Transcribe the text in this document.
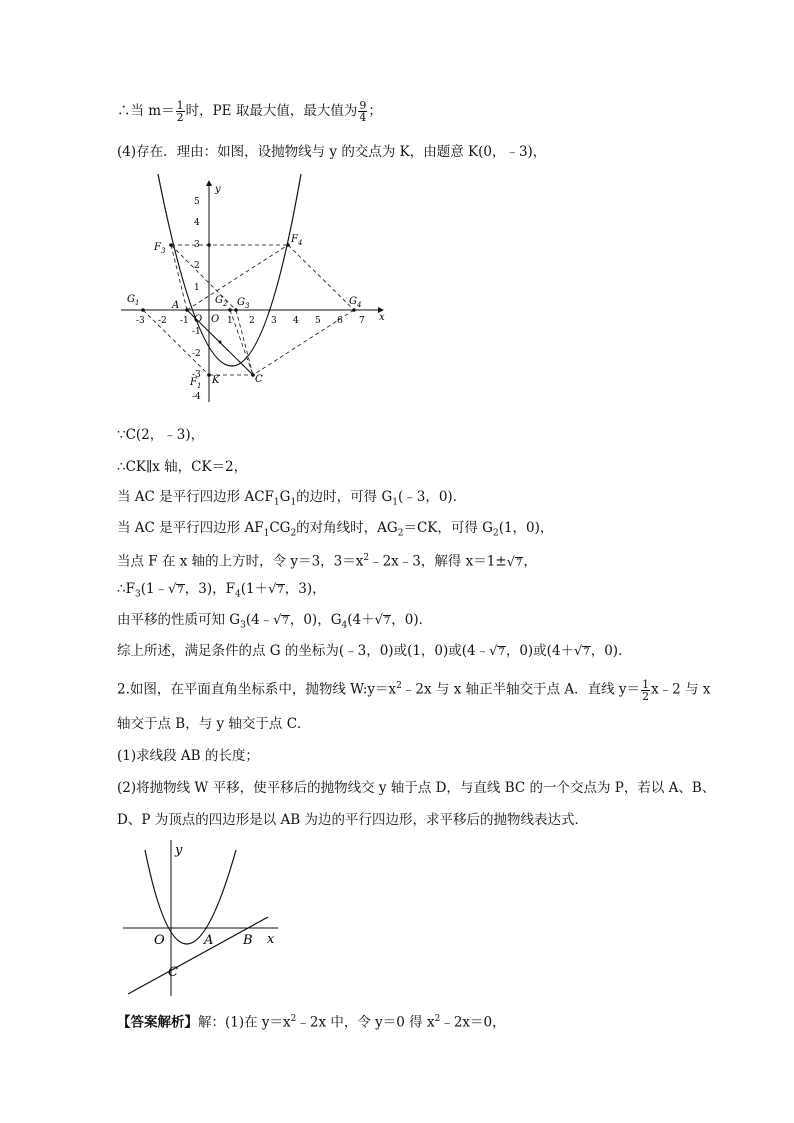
∴当 $m= \frac{1}{2}$ 时，PE 取最大值，最大值为 $\frac{9}{4}$ ；
(4)存在．理由：如图，设抛物线与 y 的交点为 K，由题意 K(0，﹣3)，
y
x
5
4
3
2
1
-1
-2
-3
-4
-3 -2 -1	1 2 3 4 5 6 7
$F_3$
$F_4$
$G_1$	A
O O
$G_2$ $G_3$	$G_4$
$F_1$ K	C
∵C(2，﹣3)，
∴CK∥x 轴，CK＝2，
当 AC 是平行四边形 $ACF_1G_1$的边时，可得 $G_1(﹣3$，0)．
当 AC 是平行四边形 $AF_1CG_2$的对角线时，$AG_2=CK$，可得 $G_2(1$，0)，
当点 F 在 x 轴的上方时，令 y＝3，$3=x^2﹣2x﹣3$，解得 x＝1±√7，
$\therefore F_3(1﹣√7$，3)，$F_4(1+√7$，3)，
由平移的性质可知 $G_3(4﹣√7$，0)，$G_4(4+√7$，0)．
综上所述，满足条件的点 G 的坐标为(﹣3，0)或(1，0)或(4﹣√7，0)或(4＋√7，0)．
2.如图，在平面直角坐标系中，抛物线 $W:y=x^2﹣2x$ 与 x 轴正半轴交于点 A．直线 $y= \frac{1}{2}$ x﹣2 与 x
轴交于点 B，与 y 轴交于点 C．
(1)求线段 AB 的长度；
(2)将抛物线 W 平移，使平移后的抛物线交 y 轴于点 D，与直线 BC 的一个交点为 P，若以 A、B、
D、P 为顶点的四边形是以 AB 为边的平行四边形，求平移后的抛物线表达式．
y
x
O	A B
C
【答案解析】解：(1)在 $y=x^2﹣2x$ 中，令 y＝0 得 $x^2﹣2x=0$，
